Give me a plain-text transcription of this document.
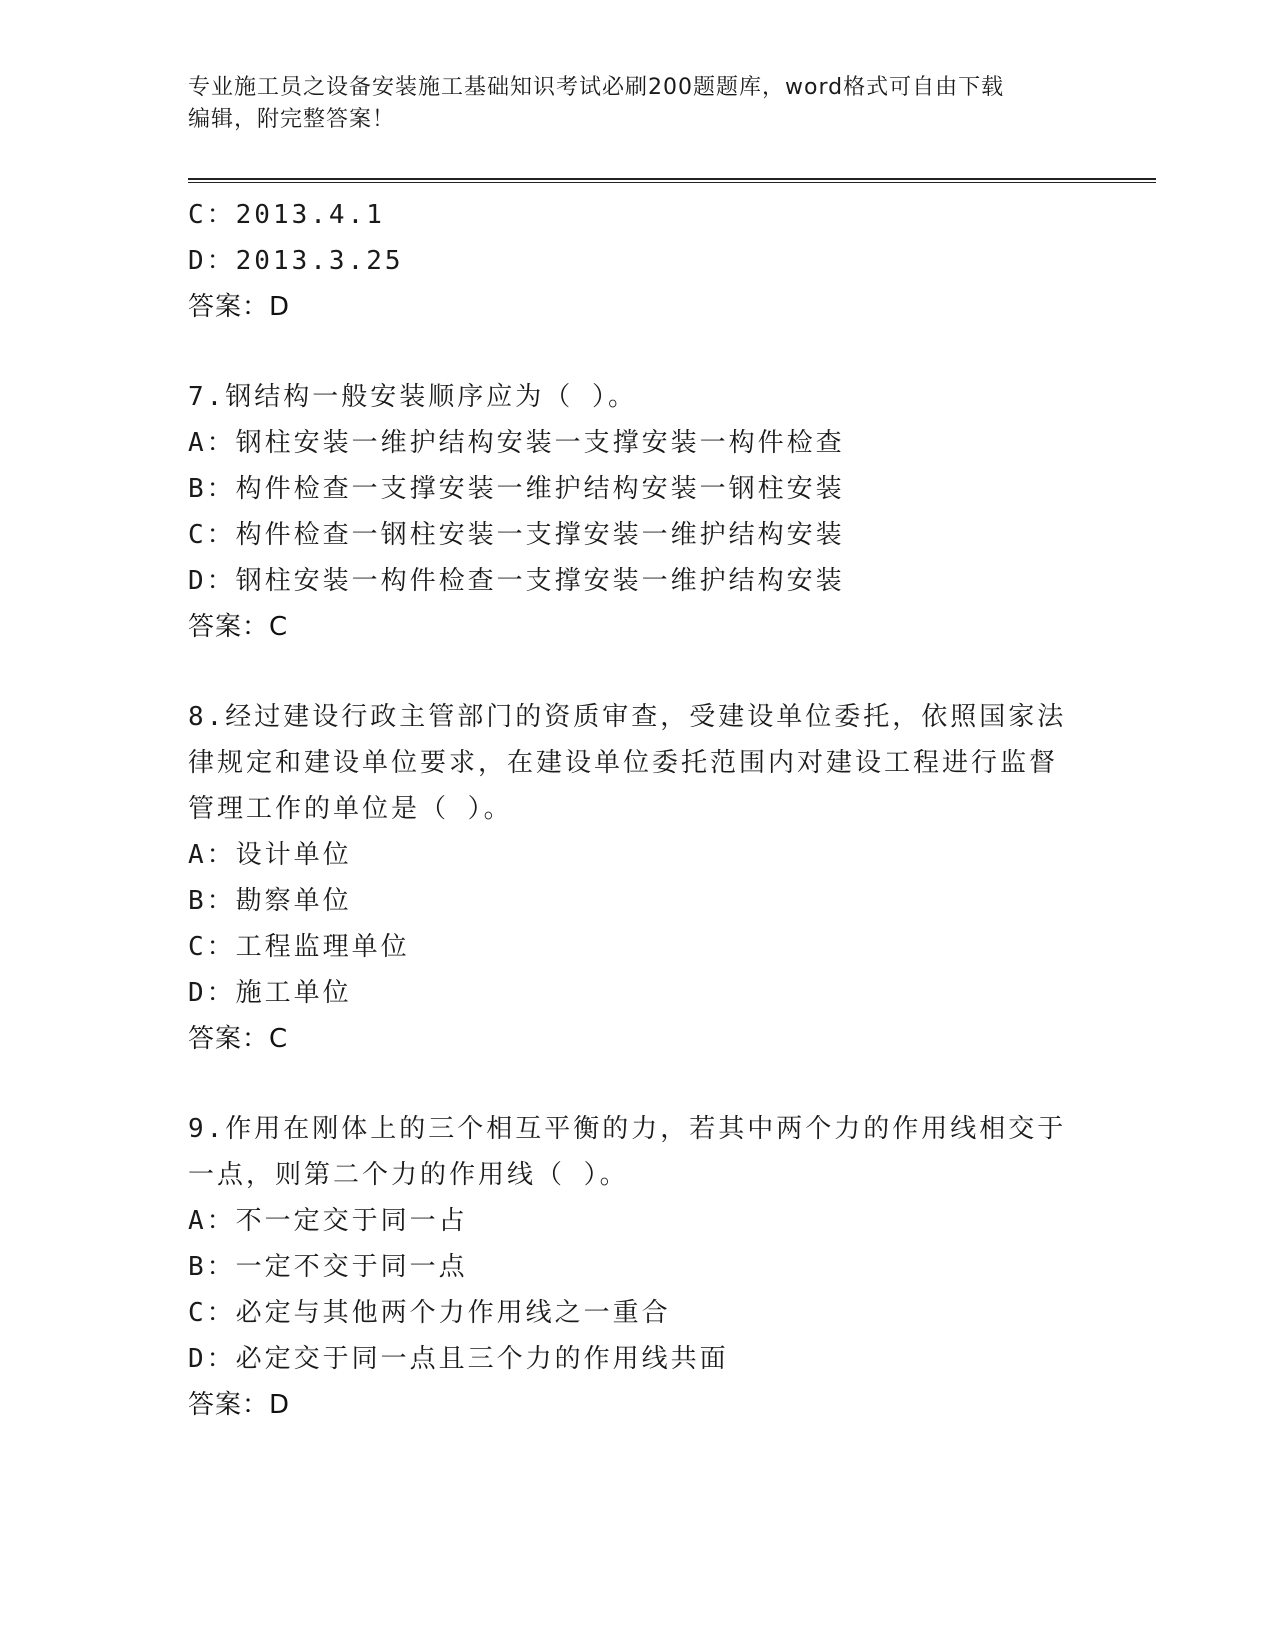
专业施工员之设备安装施工基础知识考试必刷200题题库，word格式可自由下载
编辑，附完整答案！
C：2013.4.1
D：2013.3.25
答案：D
7.钢结构一般安装顺序应为（ ）。
A：钢柱安装一维护结构安装一支撑安装一构件检查
B：构件检查一支撑安装一维护结构安装一钢柱安装
C：构件检查一钢柱安装一支撑安装一维护结构安装
D：钢柱安装一构件检查一支撑安装一维护结构安装
答案：C
8.经过建设行政主管部门的资质审查，受建设单位委托，依照国家法
律规定和建设单位要求，在建设单位委托范围内对建设工程进行监督
管理工作的单位是（ ）。
A：设计单位
B：勘察单位
C：工程监理单位
D：施工单位
答案：C
9.作用在刚体上的三个相互平衡的力，若其中两个力的作用线相交于
一点，则第二个力的作用线（ ）。
A：不一定交于同一占
B：一定不交于同一点
C：必定与其他两个力作用线之一重合
D：必定交于同一点且三个力的作用线共面
答案：D
